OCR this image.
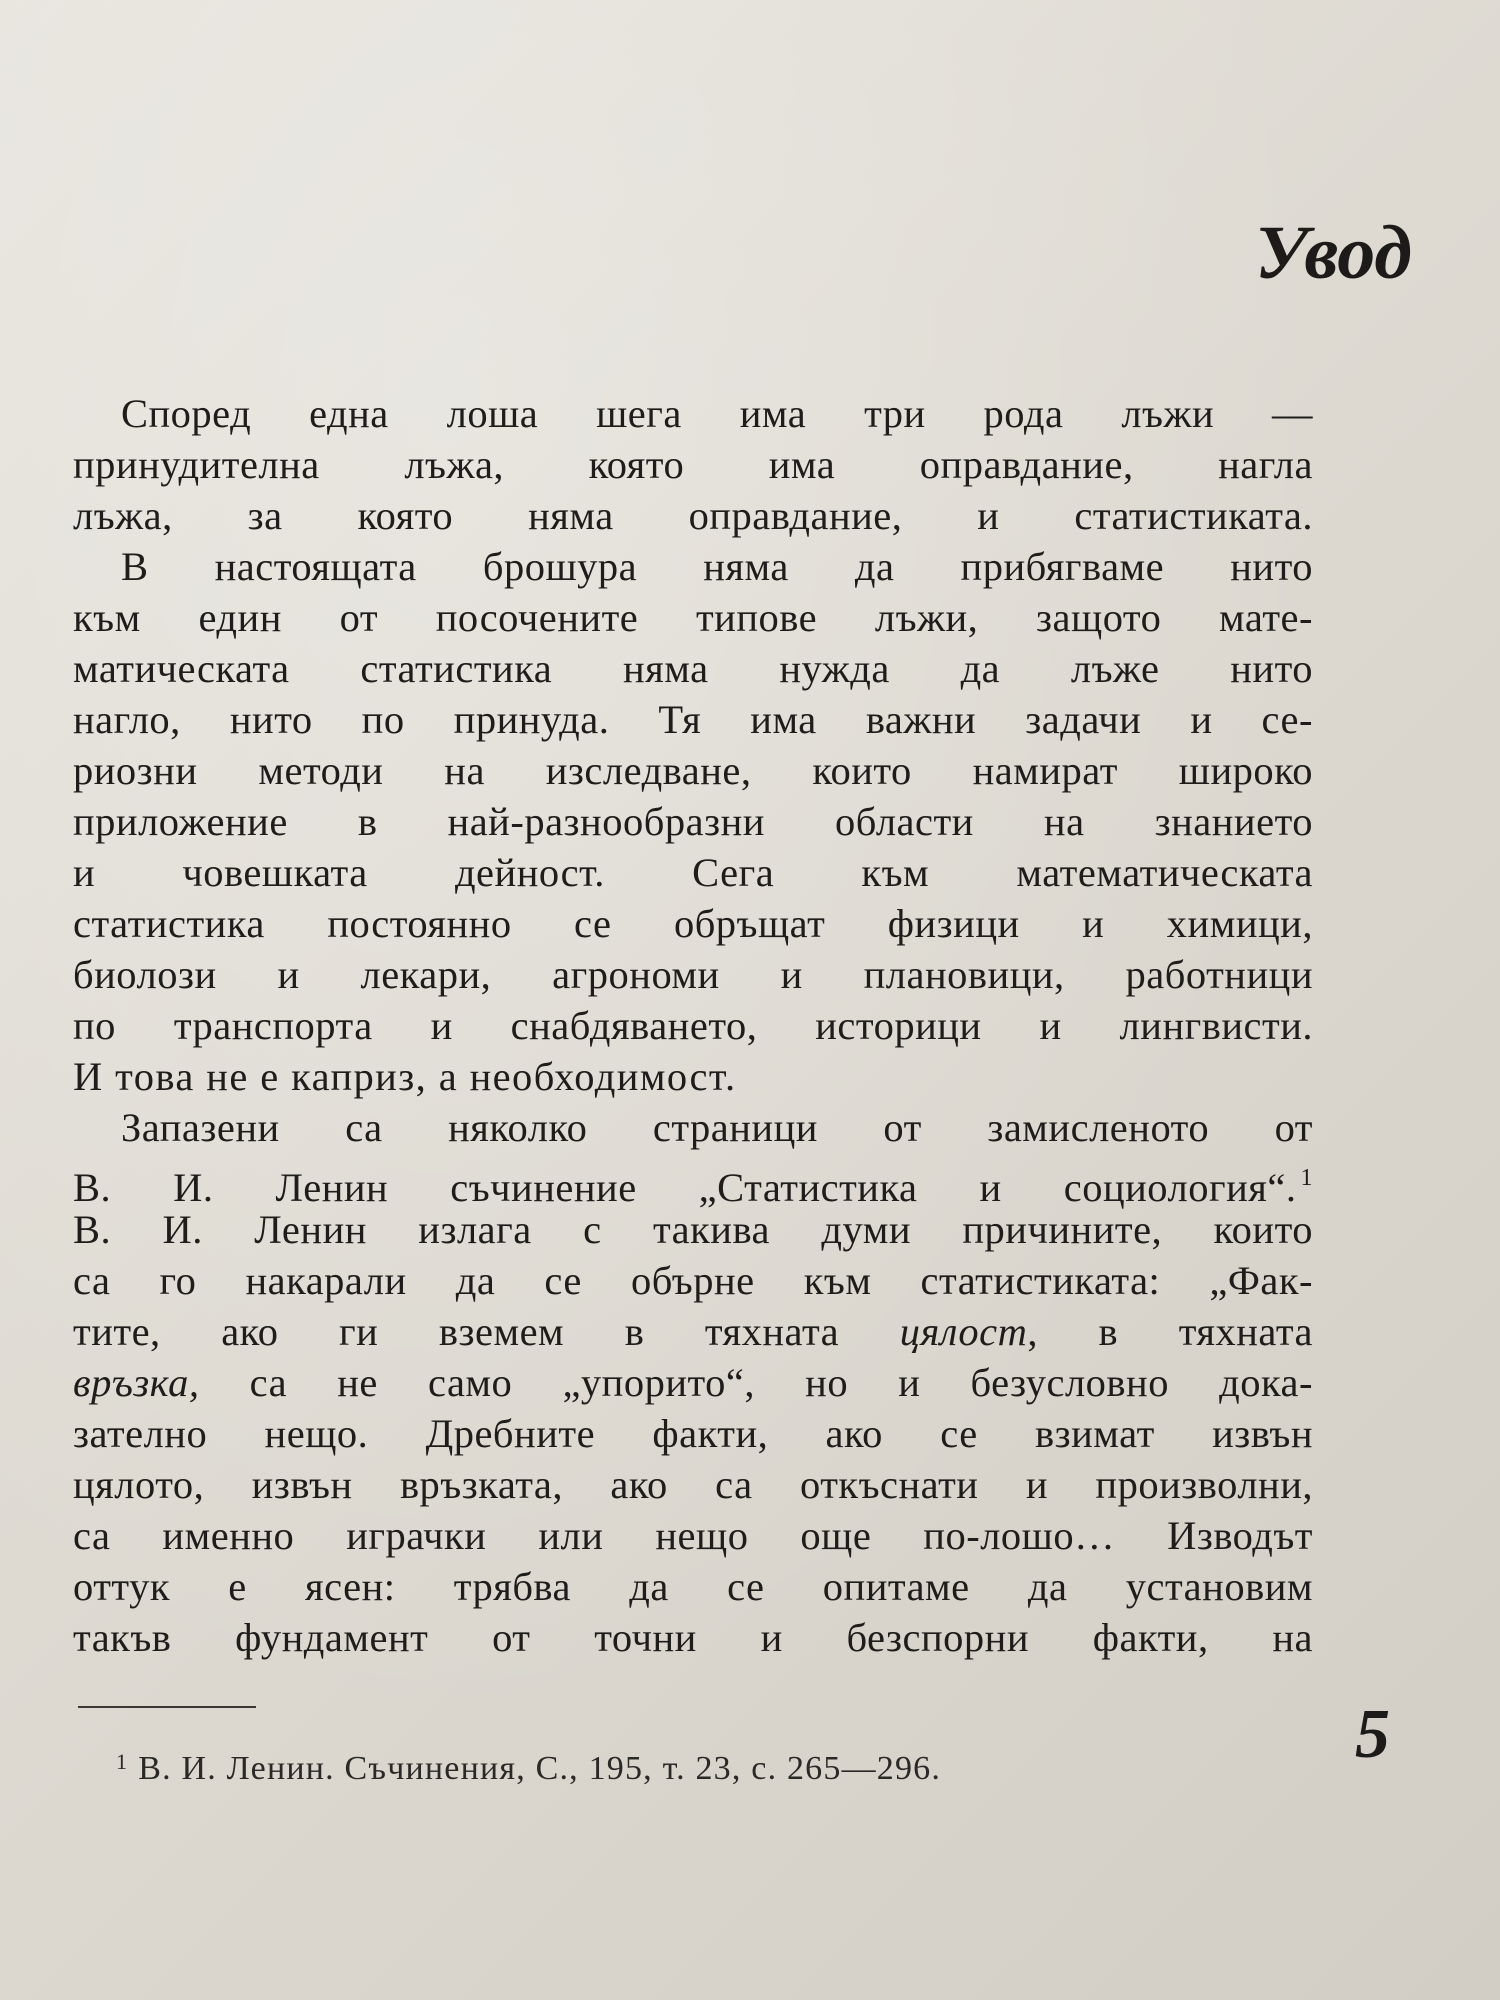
Увод

Според една лоша шега има три рода лъжи —
принудителна лъжа, която има оправдание, нагла
лъжа, за която няма оправдание, и статистиката.

В настоящата брошура няма да прибягваме нито
към един от посочените типове лъжи, защото мате-
матическата статистика няма нужда да лъже нито
нагло, нито по принуда. Тя има важни задачи и се-
риозни методи на изследване, които намират широко
приложение в най-разнообразни области на знанието
и човешката дейност. Сега към математическата
статистика постоянно се обръщат физици и химици,
биолози и лекари, агрономи и плановици, работници
по транспорта и снабдяването, историци и лингвисти.
И това не е каприз, а необходимост.

Запазени са няколко страници от замисленото от
В. И. Ленин съчинение „Статистика и социология“. $^1$
В. И. Ленин излага с такива думи причините, които
са го накарали да се обърне към статистиката: „Фак-
тите, ако ги вземем в тяхната цялост, в тяхната
връзка, са не само „упорито“, но и безусловно дока-
зателно нещо. Дребните факти, ако се взимат извън
цялото, извън връзката, ако са откъснати и произволни,
са именно играчки или нещо още по-лошо… Изводът
оттук е ясен: трябва да се опитаме да установим
такъв фундамент от точни и безспорни факти, на

$^1$ В. И. Ленин. Съчинения, С., 195, т. 23, с. 265—296.	5
